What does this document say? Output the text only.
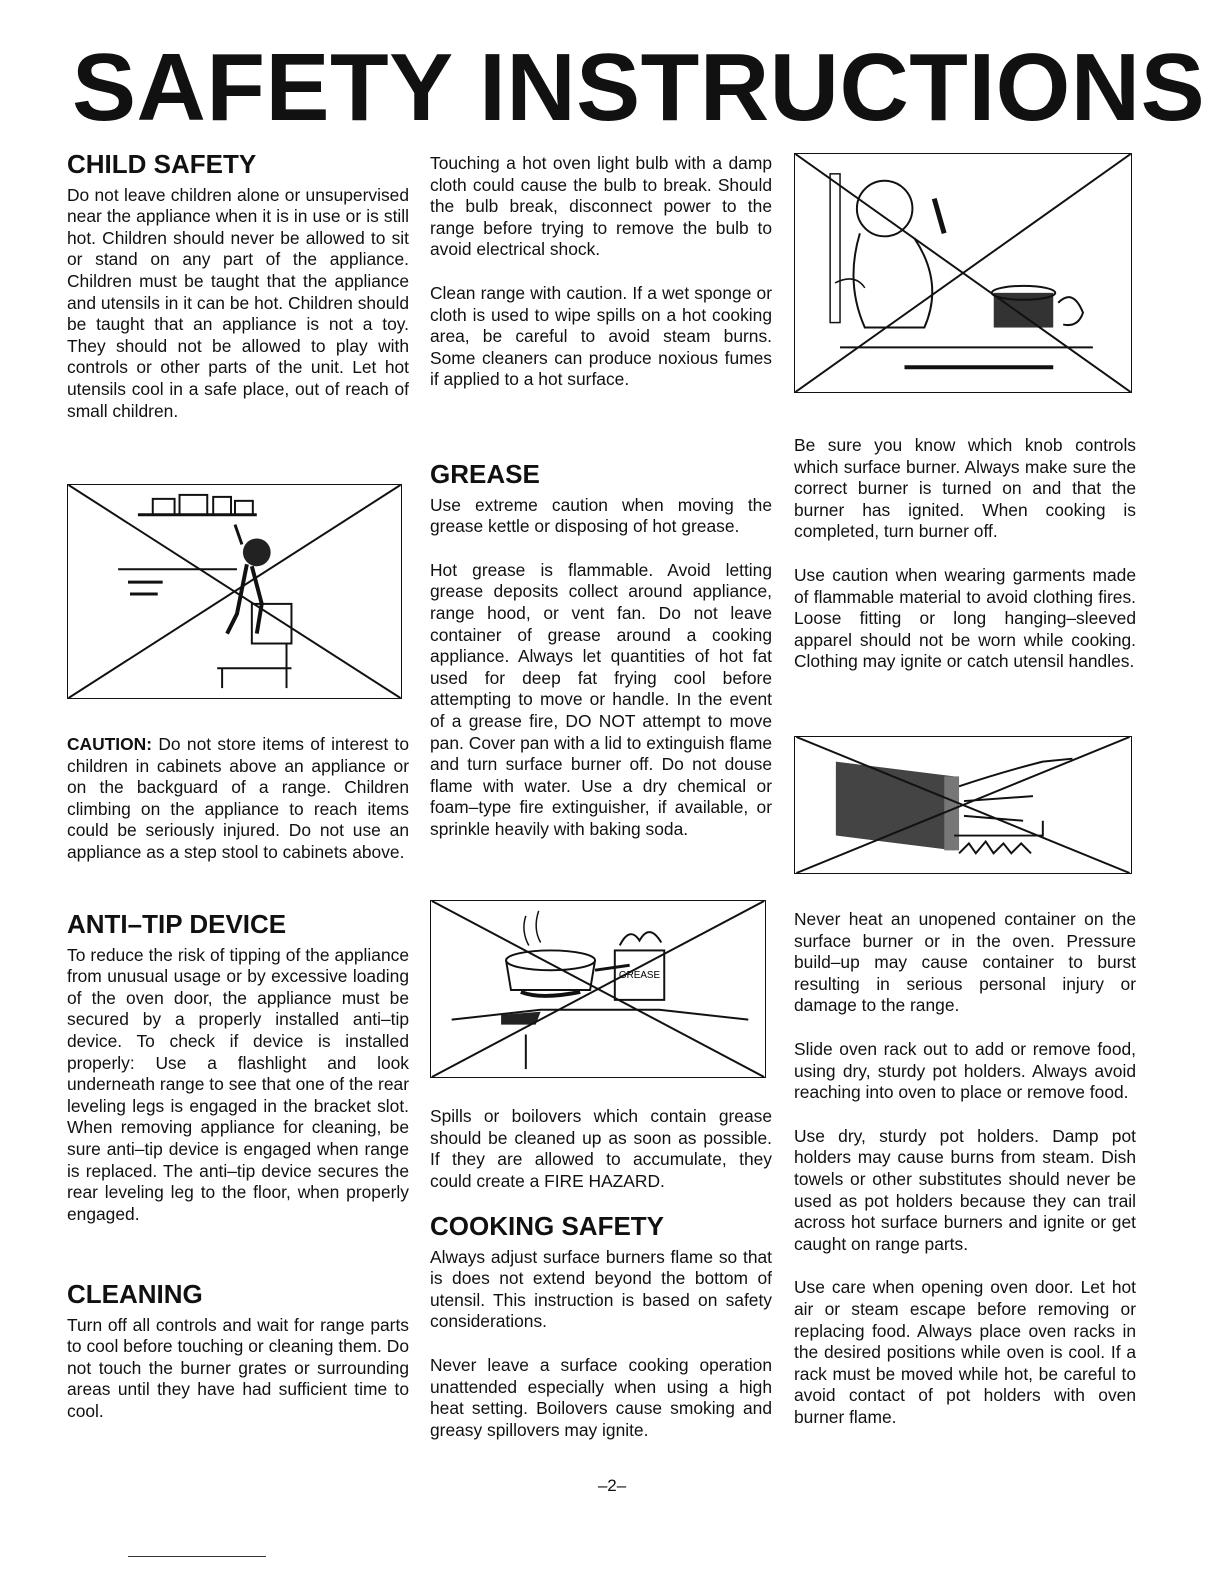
SAFETY INSTRUCTIONS
CHILD SAFETY

Do not leave children alone or unsupervised near the appliance when it is in use or is still hot. Children should never be allowed to sit or stand on any part of the appliance. Children must be taught that the appliance and utensils in it can be hot. Children should be taught that an appliance is not a toy. They should not be allowed to play with controls or other parts of the unit. Let hot utensils cool in a safe place, out of reach of small children.

CAUTION: Do not store items of interest to children in cabinets above an appliance or on the backguard of a range. Children climbing on the appliance to reach items could be seriously injured. Do not use an appliance as a step stool to cabinets above.

ANTI–TIP DEVICE

To reduce the risk of tipping of the appliance from unusual usage or by excessive loading of the oven door, the appliance must be secured by a properly installed anti–tip device. To check if device is installed properly: Use a flashlight and look underneath range to see that one of the rear leveling legs is engaged in the bracket slot. When removing appliance for cleaning, be sure anti–tip device is engaged when range is replaced. The anti–tip device secures the rear leveling leg to the floor, when properly engaged.

CLEANING

Turn off all controls and wait for range parts to cool before touching or cleaning them. Do not touch the burner grates or surrounding areas until they have had sufficient time to cool.

Touching a hot oven light bulb with a damp cloth could cause the bulb to break. Should the bulb break, disconnect power to the range before trying to remove the bulb to avoid electrical shock.

Clean range with caution. If a wet sponge or cloth is used to wipe spills on a hot cooking area, be careful to avoid steam burns. Some cleaners can produce noxious fumes if applied to a hot surface.

GREASE

Use extreme caution when moving the grease kettle or disposing of hot grease.

Hot grease is flammable. Avoid letting grease deposits collect around appliance, range hood, or vent fan. Do not leave container of grease around a cooking appliance. Always let quantities of hot fat used for deep fat frying cool before attempting to move or handle. In the event of a grease fire, DO NOT attempt to move pan. Cover pan with a lid to extinguish flame and turn surface burner off. Do not douse flame with water. Use a dry chemical or foam–type fire extinguisher, if available, or sprinkle heavily with baking soda.

GREASE

Spills or boilovers which contain grease should be cleaned up as soon as possible. If they are allowed to accumulate, they could create a FIRE HAZARD.

COOKING SAFETY

Always adjust surface burners flame so that is does not extend beyond the bottom of utensil. This instruction is based on safety considerations.

Never leave a surface cooking operation unattended especially when using a high heat setting. Boilovers cause smoking and greasy spillovers may ignite.

Be sure you know which knob controls which surface burner. Always make sure the correct burner is turned on and that the burner has ignited. When cooking is completed, turn burner off.

Use caution when wearing garments made of flammable material to avoid clothing fires. Loose fitting or long hanging–sleeved apparel should not be worn while cooking. Clothing may ignite or catch utensil handles.

Never heat an unopened container on the surface burner or in the oven. Pressure build–up may cause container to burst resulting in serious personal injury or damage to the range.

Slide oven rack out to add or remove food, using dry, sturdy pot holders. Always avoid reaching into oven to place or remove food.

Use dry, sturdy pot holders. Damp pot holders may cause burns from steam. Dish towels or other substitutes should never be used as pot holders because they can trail across hot surface burners and ignite or get caught on range parts.

Use care when opening oven door. Let hot air or steam escape before removing or replacing food. Always place oven racks in the desired positions while oven is cool. If a rack must be moved while hot, be careful to avoid contact of pot holders with oven burner flame.

–2–
